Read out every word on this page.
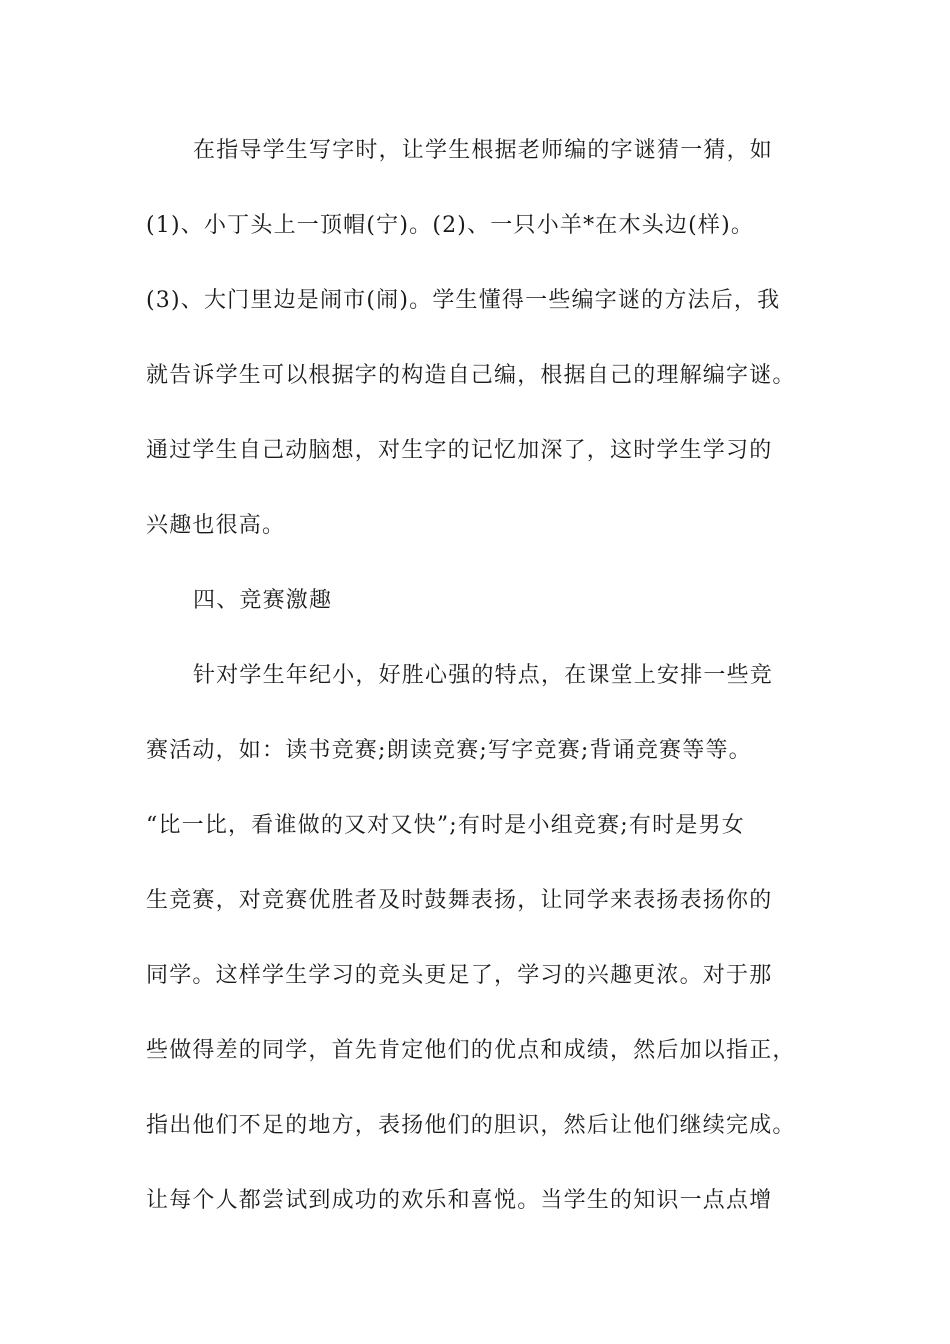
在指导学生写字时，让学生根据老师编的字谜猜一猜，如
(1)、小丁头上一顶帽(宁)。(2)、一只小羊*在木头边(样)。
(3)、大门里边是闹市(闹)。学生懂得一些编字谜的方法后，我
就告诉学生可以根据字的构造自己编，根据自己的理解编字谜。
通过学生自己动脑想，对生字的记忆加深了，这时学生学习的
兴趣也很高。
四、竞赛激趣
针对学生年纪小，好胜心强的特点，在课堂上安排一些竞
赛活动，如：读书竞赛;朗读竞赛;写字竞赛;背诵竞赛等等。
“比一比，看谁做的又对又快”;有时是小组竞赛;有时是男女
生竞赛，对竞赛优胜者及时鼓舞表扬，让同学来表扬表扬你的
同学。这样学生学习的竞头更足了，学习的兴趣更浓。对于那
些做得差的同学，首先肯定他们的优点和成绩，然后加以指正，
指出他们不足的地方，表扬他们的胆识，然后让他们继续完成。
让每个人都尝试到成功的欢乐和喜悦。当学生的知识一点点增
